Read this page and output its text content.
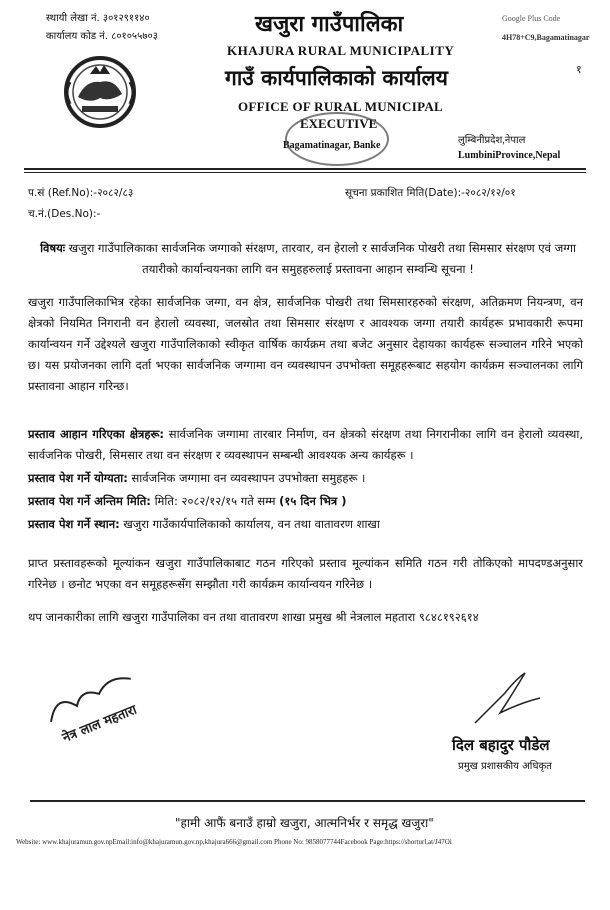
स्थायी लेखा नं. ३०१२९११४०
कार्यालय कोड नं. ८०१०५५७०३	खजुरा गाउँपालिका
KHAJURA RURAL MUNICIPALITY
गाउँ कार्यपालिकाको कार्यालय
OFFICE OF RURAL MUNICIPAL
EXECUTIVE
Bagamatinagar, Banke
Google Plus Code
4H78+C9,Bagamatinagar
१
लुम्बिनीप्रदेश,नेपाल
LumbiniProvince,Nepal
प.सं (Ref.No):-२०८२/८३
च.नं.(Des.No):-
सूचना प्रकाशित मिति(Date):-२०८२/१२/०१
विषयः खजुरा गाउँपालिकाका सार्वजनिक जग्गाको संरक्षण, तारवार, वन हेरालो र सार्वजनिक पोखरी तथा सिमसार संरक्षण एवं जग्गा तयारीको कार्यान्वयनका लागि वन समुहहरुलाई प्रस्तावना आहान सम्वन्धि सूचना !
खजुरा गाउँपालिकाभित्र रहेका सार्वजनिक जग्गा, वन क्षेत्र, सार्वजनिक पोखरी तथा सिमसारहरुको संरक्षण, अतिक्रमण नियन्त्रण, वन क्षेत्रको नियमित निगरानी वन हेरालो व्यवस्था, जलस्रोत तथा सिमसार संरक्षण र आवश्यक जग्गा तयारी कार्यहरू प्रभावकारी रूपमा कार्यान्वयन गर्ने उद्देश्यले खजुरा गाउँपालिकाको स्वीकृत वार्षिक कार्यक्रम तथा बजेट अनुसार देहायका कार्यहरू सञ्चालन गरिने भएको छ। यस प्रयोजनका लागि दर्ता भएका सार्वजनिक जग्गामा वन व्यवस्थापन उपभोक्ता समूहहरूबाट सहयोग कार्यक्रम सञ्चालनका लागि प्रस्तावना आहान गरिन्छ।
प्रस्ताव आहान गरिएका क्षेत्रहरू: सार्वजनिक जग्गामा तारबार निर्माण, वन क्षेत्रको संरक्षण तथा निगरानीका लागि वन हेरालो व्यवस्था, सार्वजनिक पोखरी, सिमसार तथा वन संरक्षण र व्यवस्थापन सम्बन्धी आवश्यक अन्य कार्यहरू ।
प्रस्ताव पेश गर्ने योग्यता: सार्वजनिक जग्गामा वन व्यवस्थापन उपभोक्ता समुहहरू ।
प्रस्ताव पेश गर्ने अन्तिम मिति: मिति: २०८२/१२/१५ गते सम्म (१५ दिन भित्र )
प्रस्ताव पेश गर्ने स्थान: खजुरा गाउँकार्यपालिकाको कार्यालय, वन तथा वातावरण शाखा
प्राप्त प्रस्तावहरूको मूल्यांकन खजुरा गाउँपालिकाबाट गठन गरिएको प्रस्ताव मूल्यांकन समिति गठन गरी तोकिएको मापदण्डअनुसार गरिनेछ । छनोट भएका वन समूहहरूसँग सम्झौता गरी कार्यक्रम कार्यान्वयन गरिनेछ ।
थप जानकारीका लागि खजुरा गाउँपालिका वन तथा वातावरण शाखा प्रमुख श्री नेत्रलाल महतारा ९८४८१९२६१४
नेत्र लाल महतारा	दिल बहादुर पौडेल
प्रमुख प्रशासकीय अधिकृत
"हामी आफैं बनाउँ हाम्रो खजुरा, आत्मनिर्भर र समृद्ध खजुरा"
Website: www.khajuramun.gov.npEmail:info@khajuramun.gov.np,khajura666@gmail.com Phone No: 9858077744Facebook Page:https://shorturl.at/J47Oi
